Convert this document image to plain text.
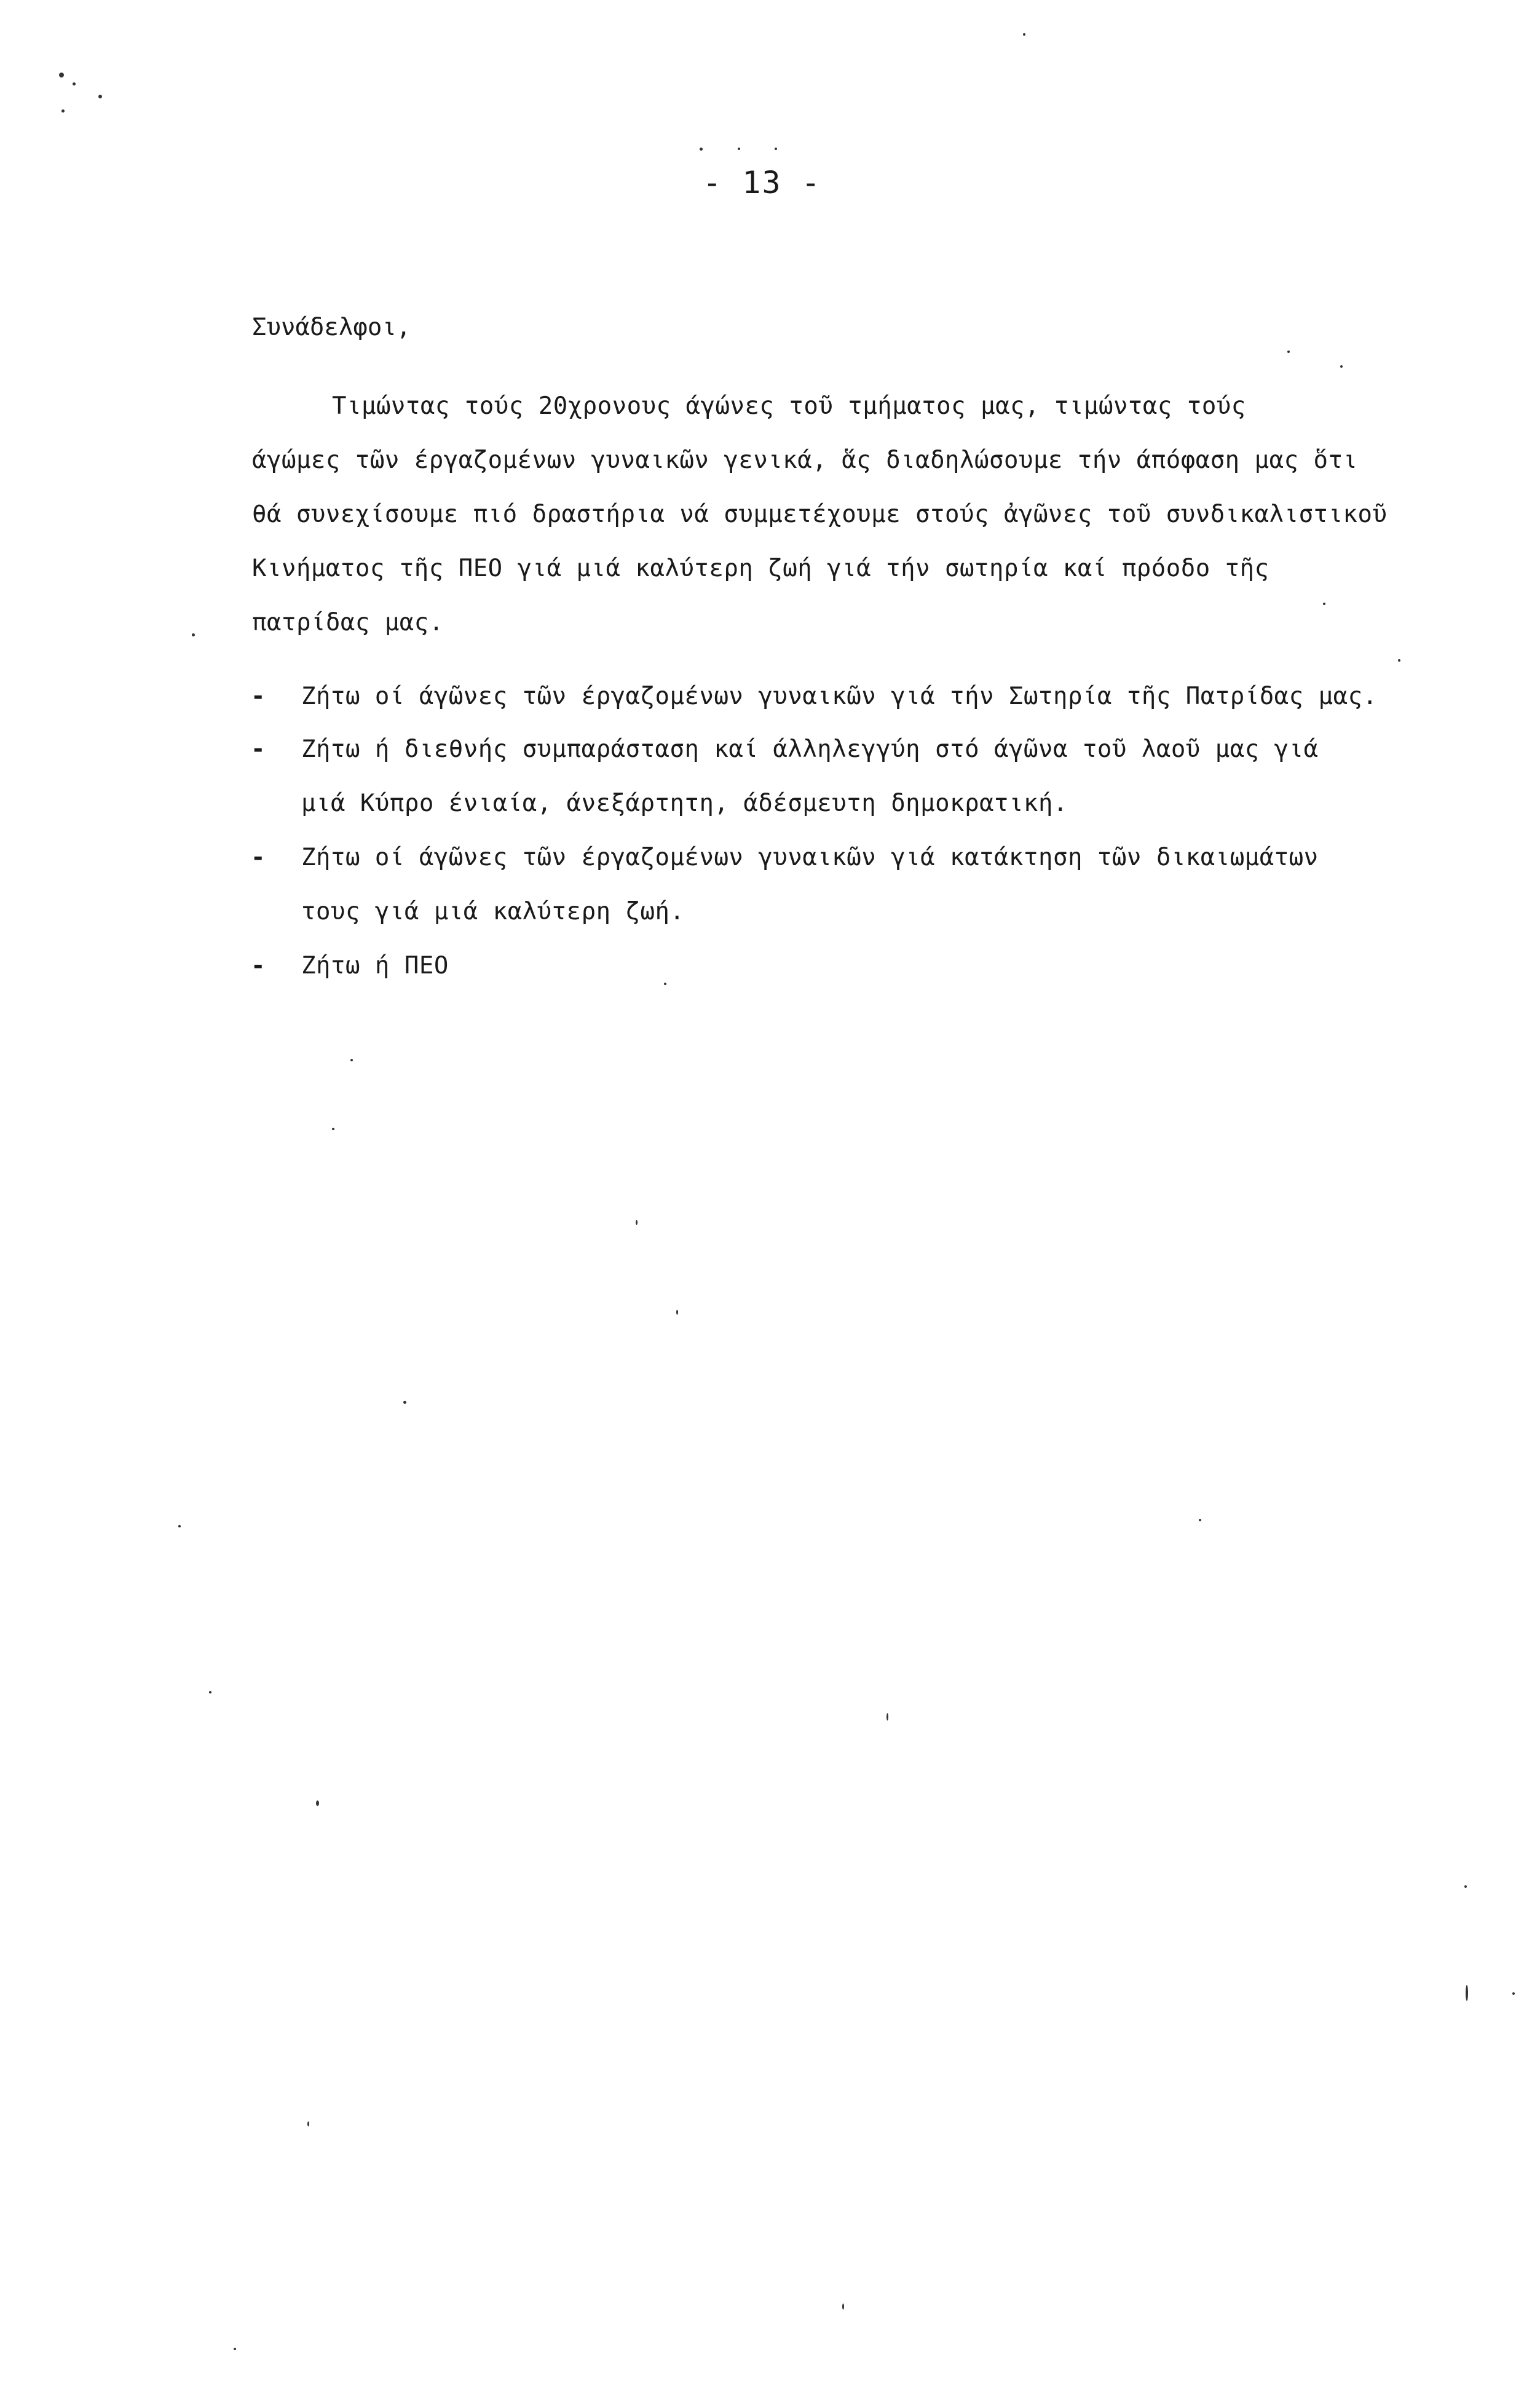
- 13 -
Συνάδελφοι,
Τιμώντας τούς 20χρονους άγώνες τοῦ τμήματος μας, τιμώντας τούς
άγώμες τῶν έργαζομένων γυναικῶν γενικά, ἅς διαδηλώσουμε τήν άπόφαση μας ὅτι
θά συνεχίσουμε πιό δραστήρια νά συμμετέχουμε στούς ἀγῶνες τοῦ συνδικαλιστικοῦ
Κινήματος τῆς ΠΕΟ γιά μιά καλύτερη ζωή γιά τήν σωτηρία καί πρόοδο τῆς
πατρίδας μας.
- Ζήτω οί άγῶνες τῶν έργαζομένων γυναικῶν γιά τήν Σωτηρία τῆς Πατρίδας μας.
- Ζήτω ή διεθνής συμπαράσταση καί άλληλεγγύη στό άγῶνα τοῦ λαοῦ μας γιά
μιά Κύπρο ένιαία, άνεξάρτητη, άδέσμευτη δημοκρατική.
- Ζήτω οί άγῶνες τῶν έργαζομένων γυναικῶν γιά κατάκτηση τῶν δικαιωμάτων
τους γιά μιά καλύτερη ζωή.
- Ζήτω ή ΠΕΟ
